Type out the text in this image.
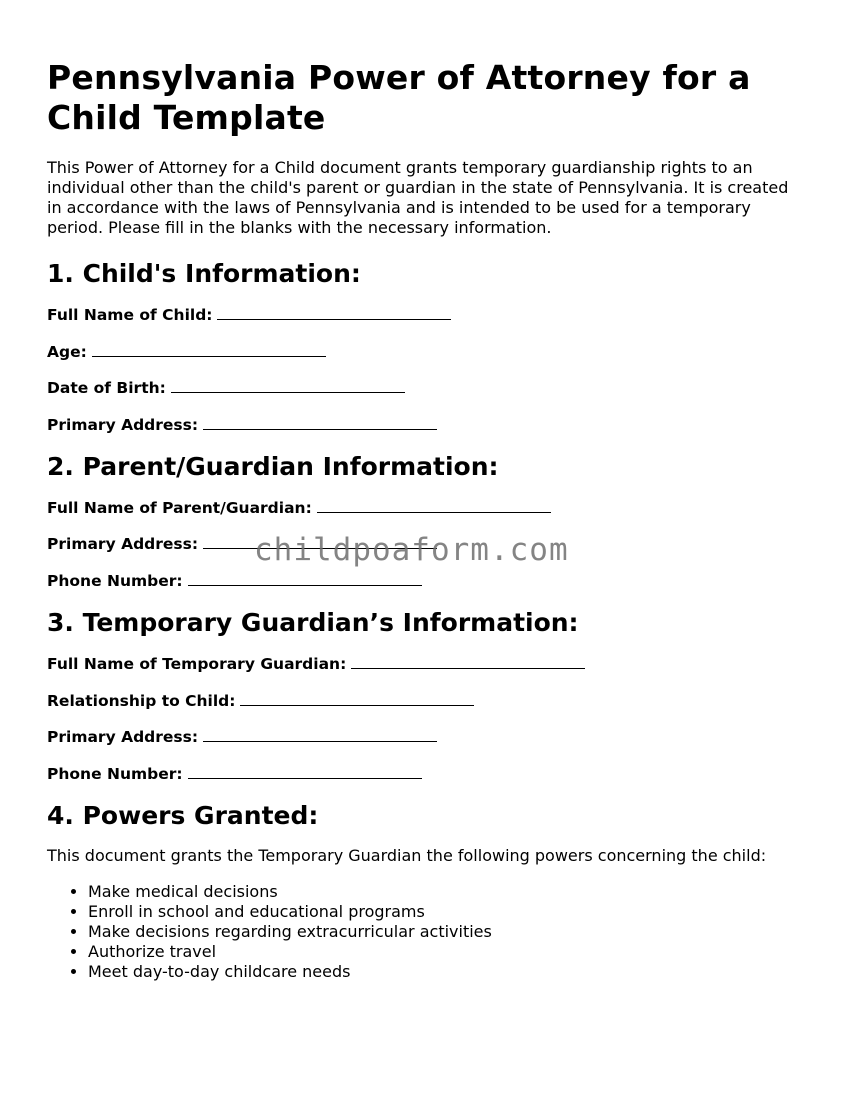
Pennsylvania Power of Attorney for a Child Template

This Power of Attorney for a Child document grants temporary guardianship rights to an individual other than the child's parent or guardian in the state of Pennsylvania. It is created in accordance with the laws of Pennsylvania and is intended to be used for a temporary period. Please fill in the blanks with the necessary information.

1. Child's Information:
Full Name of Child:
Age:
Date of Birth:
Primary Address:
2. Parent/Guardian Information:
Full Name of Parent/Guardian:
Primary Address:
Phone Number:
3. Temporary Guardian’s Information:
Full Name of Temporary Guardian:
Relationship to Child:
Primary Address:
Phone Number:
4. Powers Granted:

This document grants the Temporary Guardian the following powers concerning the child:

• Make medical decisions
• Enroll in school and educational programs
• Make decisions regarding extracurricular activities
• Authorize travel
• Meet day-to-day childcare needs
childpoaform.com
